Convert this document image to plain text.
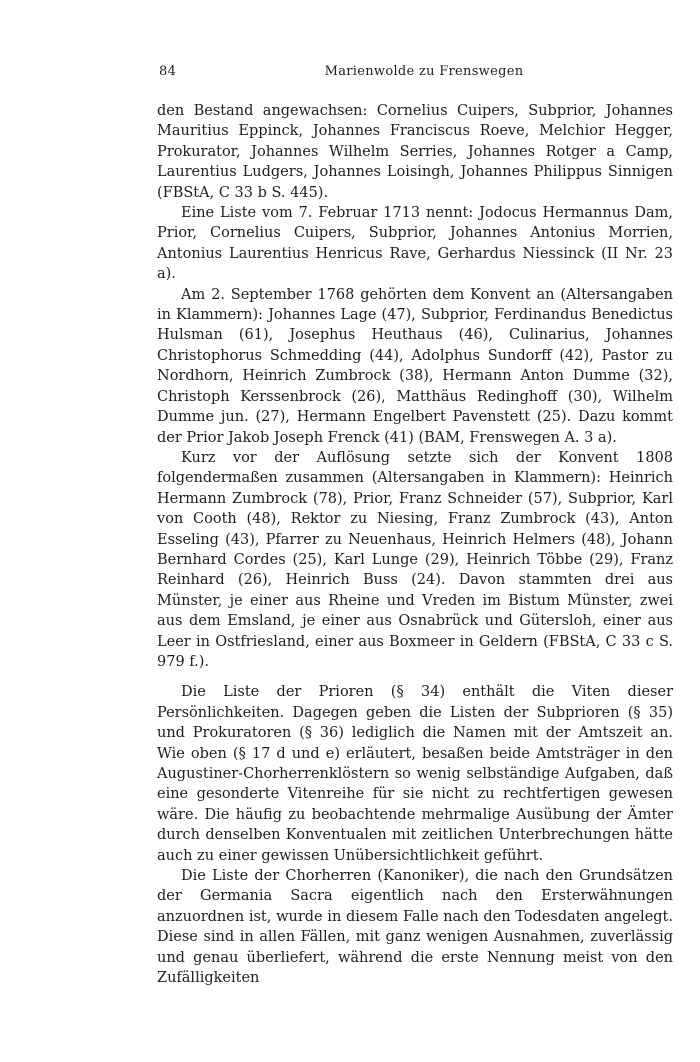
84	Marienwolde zu Frenswegen

den Bestand angewachsen: Cornelius Cuipers, Subprior, Johannes Mauritius Eppinck, Johannes Franciscus Roeve, Melchior Hegger, Prokurator, Johannes Wilhelm Serries, Johannes Rotger a Camp, Laurentius Ludgers, Johannes Loisingh, Johannes Philippus Sinnigen (FBStA, C 33 b S. 445).

Eine Liste vom 7. Februar 1713 nennt: Jodocus Hermannus Dam, Prior, Cornelius Cuipers, Subprior, Johannes Antonius Morrien, Antonius Laurentius Henricus Rave, Gerhardus Niessinck (II Nr. 23 a).

Am 2. September 1768 gehörten dem Konvent an (Altersangaben in Klammern): Johannes Lage (47), Subprior, Ferdinandus Benedictus Hulsman (61), Josephus Heuthaus (46), Culinarius, Johannes Christophorus Schmedding (44), Adolphus Sundorff (42), Pastor zu Nordhorn, Heinrich Zumbrock (38), Hermann Anton Dumme (32), Christoph Kerssenbrock (26), Matthäus Redinghoff (30), Wilhelm Dumme jun. (27), Hermann Engelbert Pavenstett (25). Dazu kommt der Prior Jakob Joseph Frenck (41) (BAM, Frenswegen A. 3 a).

Kurz vor der Auflösung setzte sich der Konvent 1808 folgendermaßen zusammen (Altersangaben in Klammern): Heinrich Hermann Zumbrock (78), Prior, Franz Schneider (57), Subprior, Karl von Cooth (48), Rektor zu Niesing, Franz Zumbrock (43), Anton Esseling (43), Pfarrer zu Neuenhaus, Heinrich Helmers (48), Johann Bernhard Cordes (25), Karl Lunge (29), Heinrich Többe (29), Franz Reinhard (26), Heinrich Buss (24). Davon stammten drei aus Münster, je einer aus Rheine und Vreden im Bistum Münster, zwei aus dem Emsland, je einer aus Osnabrück und Gütersloh, einer aus Leer in Ostfriesland, einer aus Boxmeer in Geldern (FBStA, C 33 c S. 979 f.).

Die Liste der Prioren (§ 34) enthält die Viten dieser Persönlichkeiten. Dagegen geben die Listen der Subprioren (§ 35) und Prokuratoren (§ 36) lediglich die Namen mit der Amtszeit an. Wie oben (§ 17 d und e) erläutert, besaßen beide Amtsträger in den Augustiner-Chorherrenklöstern so wenig selbständige Aufgaben, daß eine gesonderte Vitenreihe für sie nicht zu rechtfertigen gewesen wäre. Die häufig zu beobachtende mehrmalige Ausübung der Ämter durch denselben Konventualen mit zeitlichen Unterbrechungen hätte auch zu einer gewissen Unübersichtlichkeit geführt.

Die Liste der Chorherren (Kanoniker), die nach den Grundsätzen der Germania Sacra eigentlich nach den Ersterwähnungen anzuordnen ist, wurde in diesem Falle nach den Todesdaten angelegt. Diese sind in allen Fällen, mit ganz wenigen Ausnahmen, zuverlässig und genau überliefert, während die erste Nennung meist von den Zufälligkeiten
